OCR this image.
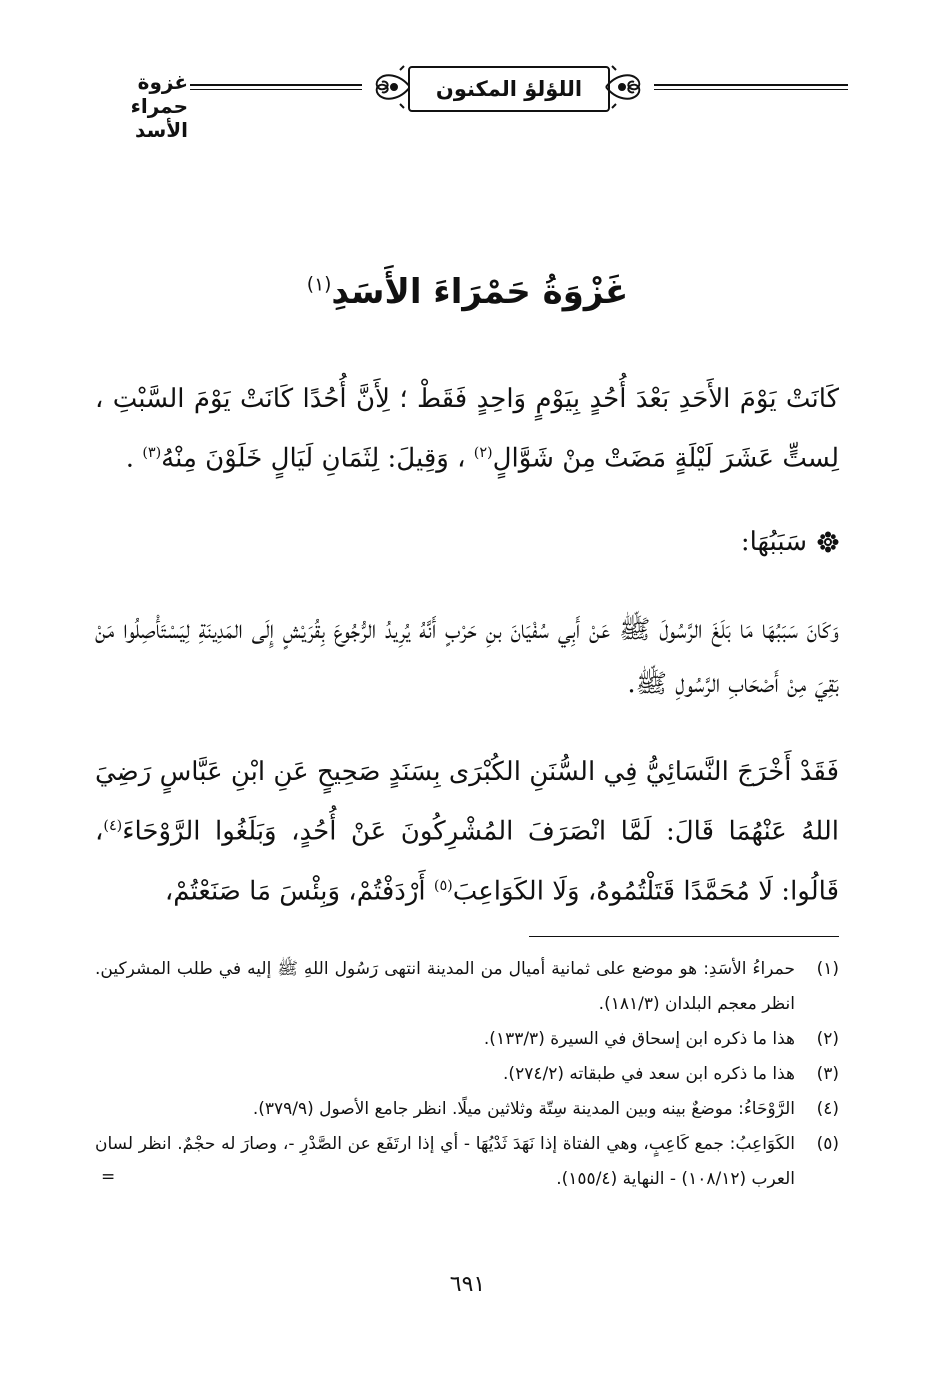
غزوة حمراء الأسد
اللؤلؤ المكنون
غَزْوَةُ حَمْرَاءَ الأَسَدِ$^{(١)}$
كَانَتْ يَوْمَ الأَحَدِ بَعْدَ أُحُدٍ بِيَوْمٍ وَاحِدٍ فَقَطْ ؛ لِأَنَّ أُحُدًا كَانَتْ يَوْمَ السَّبْتِ ، لِستٍّ عَشَرَ لَيْلَةٍ مَضَتْ مِنْ شَوَّالٍ$^{(٢)}$ ، وَقِيلَ: لِثَمَانِ لَيَالٍ خَلَوْنَ مِنْهُ$^{(٣)}$ .
سَبَبُهَا:
وَكَانَ سَبَبُهَا مَا بَلَغَ الرَّسُولَ ﷺ عَنْ أَبِي سُفْيَانَ بنِ حَرْبٍ أَنَّهُ يُرِيدُ الرُّجُوعَ بِقُرَيْشٍ إِلَى المَدِينَةِ لِيَسْتَأْصِلُوا مَنْ بَقِيَ مِنْ أَصْحَابِ الرَّسُولِ ﷺ.
فَقَدْ أَخْرَجَ النَّسَائِيُّ فِي السُّنَنِ الكُبْرَى بِسَنَدٍ صَحِيحٍ عَنِ ابْنِ عَبَّاسٍ رَضِيَ اللهُ عَنْهُمَا قَالَ: لَمَّا انْصَرَفَ المُشْرِكُونَ عَنْ أُحُدٍ، وَبَلَغُوا الرَّوْحَاءَ$^{(٤)}$، قَالُوا: لَا مُحَمَّدًا قَتَلْتُمُوهُ، وَلَا الكَوَاعِبَ$^{(٥)}$ أَرْدَفْتُمْ، وَبِئْسَ مَا صَنَعْتُمْ،
(١)
حمراءُ الأسَدِ: هو موضع على ثمانية أميال من المدينة انتهى رَسُول اللهِ ﷺ إليه في طلب المشركين. انظر معجم البلدان (١٨١/٣).
(٢)
هذا ما ذكره ابن إسحاق في السيرة (١٣٣/٣).
(٣)
هذا ما ذكره ابن سعد في طبقاته (٢٧٤/٢).
(٤)
الرَّوْحَاءُ: موضعٌ بينه وبين المدينة سِتّة وثلاثين ميلًا. انظر جامع الأصول (٣٧٩/٩).
(٥)
الكَوَاعِبُ: جمع كَاعِبٍ، وهي الفتاة إذا نَهَدَ ثَدْيُهَا - أي إذا ارتَفَع عن الصَّدْرِ -، وصارَ له حجْمٌ. انظر لسان العرب (١٠٨/١٢) - النهاية (١٥٥/٤).
=
٦٩١
